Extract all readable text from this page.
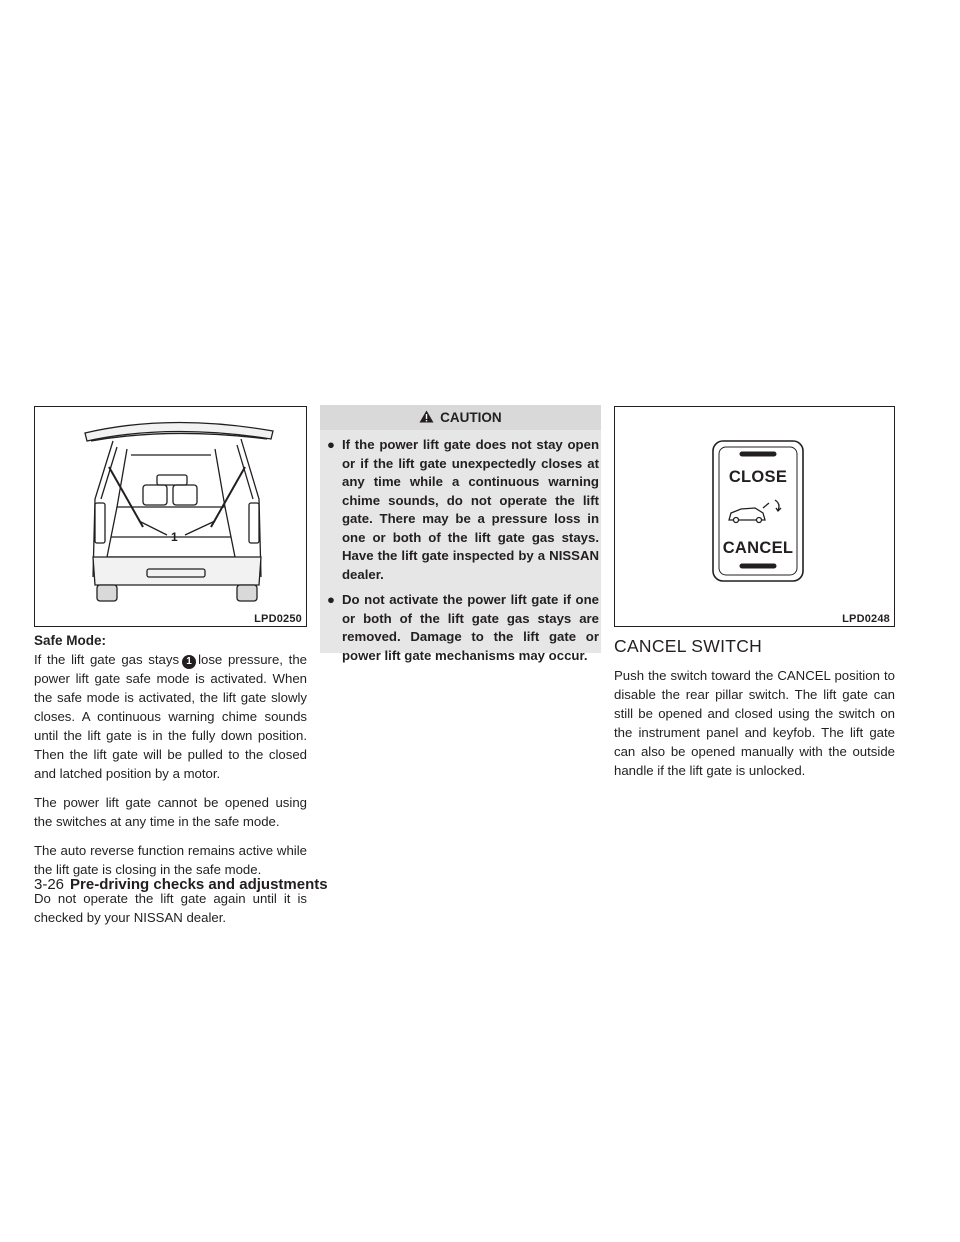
1
LPD0250
Safe Mode:

If the lift gate gas stays 1 lose pressure, the power lift gate safe mode is activated. When the safe mode is activated, the lift gate slowly closes. A continuous warning chime sounds until the lift gate is in the fully down position. Then the lift gate will be pulled to the closed and latched position by a motor.

The power lift gate cannot be opened using the switches at any time in the safe mode.

The auto reverse function remains active while the lift gate is closing in the safe mode.

Do not operate the lift gate again until it is checked by your NISSAN dealer.

CAUTION
● If the power lift gate does not stay open or if the lift gate unexpectedly closes at any time while a continuous warning chime sounds, do not operate the lift gate. There may be a pressure loss in one or both of the lift gate gas stays. Have the lift gate inspected by a NISSAN dealer.
● Do not activate the power lift gate if one or both of the lift gate gas stays are removed. Damage to the lift gate or power lift gate mechanisms may occur.
CLOSE
CANCEL
LPD0248
CANCEL SWITCH

Push the switch toward the CANCEL position to disable the rear pillar switch. The lift gate can still be opened and closed using the switch on the instrument panel and keyfob. The lift gate can also be opened manually with the outside handle if the lift gate is unlocked.

3-26 Pre-driving checks and adjustments
